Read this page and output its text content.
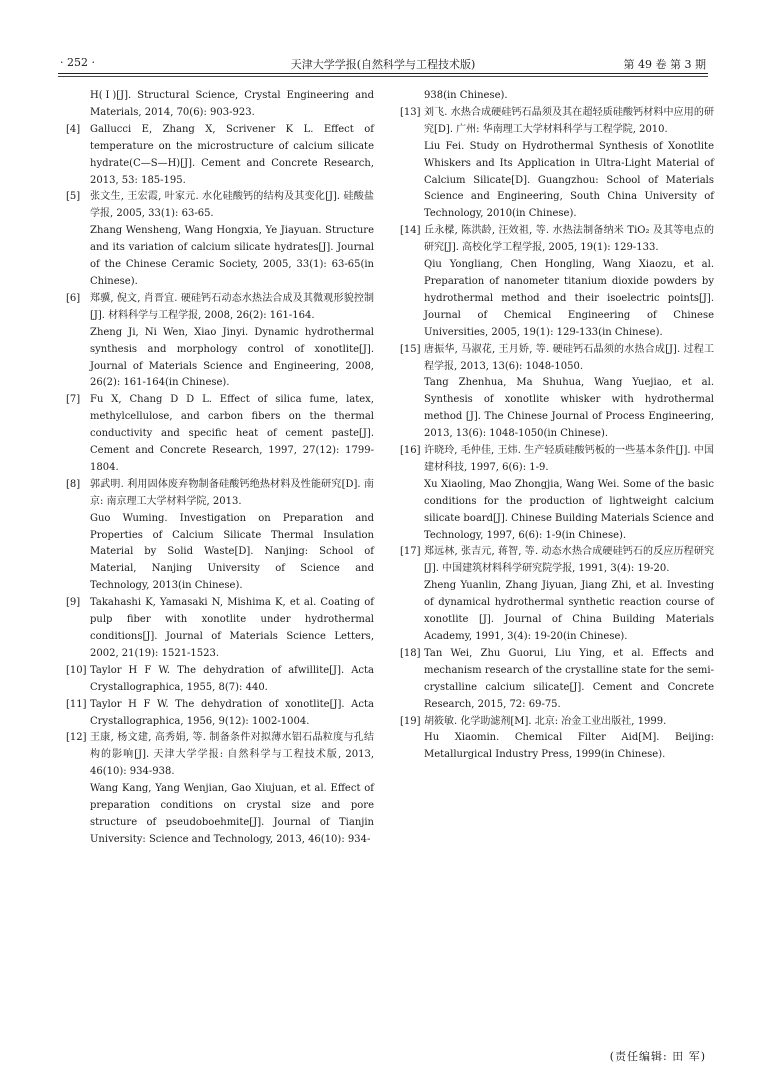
· 252 ·	天津大学学报(自然科学与工程技术版)	第 49 卷 第 3 期

H(Ⅰ)[J]. Structural Science, Crystal Engineering and Materials, 2014, 70(6): 903-923.

[4] Gallucci E, Zhang X, Scrivener K L. Effect of temperature on the microstructure of calcium silicate hydrate(C—S—H)[J]. Cement and Concrete Research, 2013, 53: 185-195.

[5] 张文生, 王宏霞, 叶家元. 水化硅酸钙的结构及其变化[J]. 硅酸盐学报, 2005, 33(1): 63-65.

Zhang Wensheng, Wang Hongxia, Ye Jiayuan. Structure and its variation of calcium silicate hydrates[J]. Journal of the Chinese Ceramic Society, 2005, 33(1): 63-65(in Chinese).

[6] 郑骥, 倪文, 肖晋宜. 硬硅钙石动态水热法合成及其微观形貌控制[J]. 材料科学与工程学报, 2008, 26(2): 161-164.

Zheng Ji, Ni Wen, Xiao Jinyi. Dynamic hydrothermal synthesis and morphology control of xonotlite[J]. Journal of Materials Science and Engineering, 2008, 26(2): 161-164(in Chinese).

[7] Fu X, Chang D D L. Effect of silica fume, latex, methylcellulose, and carbon fibers on the thermal conductivity and specific heat of cement paste[J]. Cement and Concrete Research, 1997, 27(12): 1799-1804.

[8] 郭武明. 利用固体废弃物制备硅酸钙绝热材料及性能研究[D]. 南京: 南京理工大学材料学院, 2013.

Guo Wuming. Investigation on Preparation and Properties of Calcium Silicate Thermal Insulation Material by Solid Waste[D]. Nanjing: School of Material, Nanjing University of Science and Technology, 2013(in Chinese).

[9] Takahashi K, Yamasaki N, Mishima K, et al. Coating of pulp fiber with xonotlite under hydrothermal conditions[J]. Journal of Materials Science Letters, 2002, 21(19): 1521-1523.

[10] Taylor H F W. The dehydration of afwillite[J]. Acta Crystallographica, 1955, 8(7): 440.

[11] Taylor H F W. The dehydration of xonotlite[J]. Acta Crystallographica, 1956, 9(12): 1002-1004.

[12] 王康, 杨文建, 高秀娟, 等. 制备条件对拟薄水铝石晶粒度与孔结构的影响[J]. 天津大学学报: 自然科学与工程技术版, 2013, 46(10): 934-938.

Wang Kang, Yang Wenjian, Gao Xiujuan, et al. Effect of preparation conditions on crystal size and pore structure of pseudoboehmite[J]. Journal of Tianjin University: Science and Technology, 2013, 46(10): 934-

938(in Chinese).

[13] 刘飞. 水热合成硬硅钙石晶须及其在超轻质硅酸钙材料中应用的研究[D]. 广州: 华南理工大学材料科学与工程学院, 2010.

Liu Fei. Study on Hydrothermal Synthesis of Xonotlite Whiskers and Its Application in Ultra-Light Material of Calcium Silicate[D]. Guangzhou: School of Materials Science and Engineering, South China University of Technology, 2010(in Chinese).

[14] 丘永樑, 陈洪龄, 汪效祖, 等. 水热法制备纳米 TiO₂ 及其等电点的研究[J]. 高校化学工程学报, 2005, 19(1): 129-133.

Qiu Yongliang, Chen Hongling, Wang Xiaozu, et al. Preparation of nanometer titanium dioxide powders by hydrothermal method and their isoelectric points[J]. Journal of Chemical Engineering of Chinese Universities, 2005, 19(1): 129-133(in Chinese).

[15] 唐振华, 马淑花, 王月娇, 等. 硬硅钙石晶须的水热合成[J]. 过程工程学报, 2013, 13(6): 1048-1050.

Tang Zhenhua, Ma Shuhua, Wang Yuejiao, et al. Synthesis of xonotlite whisker with hydrothermal method [J]. The Chinese Journal of Process Engineering, 2013, 13(6): 1048-1050(in Chinese).

[16] 许晓玲, 毛仲佳, 王炜. 生产轻质硅酸钙板的一些基本条件[J]. 中国建材科技, 1997, 6(6): 1-9.

Xu Xiaoling, Mao Zhongjia, Wang Wei. Some of the basic conditions for the production of lightweight calcium silicate board[J]. Chinese Building Materials Science and Technology, 1997, 6(6): 1-9(in Chinese).

[17] 郑远林, 张吉元, 蒋智, 等. 动态水热合成硬硅钙石的反应历程研究[J]. 中国建筑材料科学研究院学报, 1991, 3(4): 19-20.

Zheng Yuanlin, Zhang Jiyuan, Jiang Zhi, et al. Investing of dynamical hydrothermal synthetic reaction course of xonotlite [J]. Journal of China Building Materials Academy, 1991, 3(4): 19-20(in Chinese).

[18] Tan Wei, Zhu Guorui, Liu Ying, et al. Effects and mechanism research of the crystalline state for the semi-crystalline calcium silicate[J]. Cement and Concrete Research, 2015, 72: 69-75.

[19] 胡筱敏. 化学助滤剂[M]. 北京: 冶金工业出版社, 1999.

Hu Xiaomin. Chemical Filter Aid[M]. Beijing: Metallurgical Industry Press, 1999(in Chinese).

(责任编辑: 田 军)
